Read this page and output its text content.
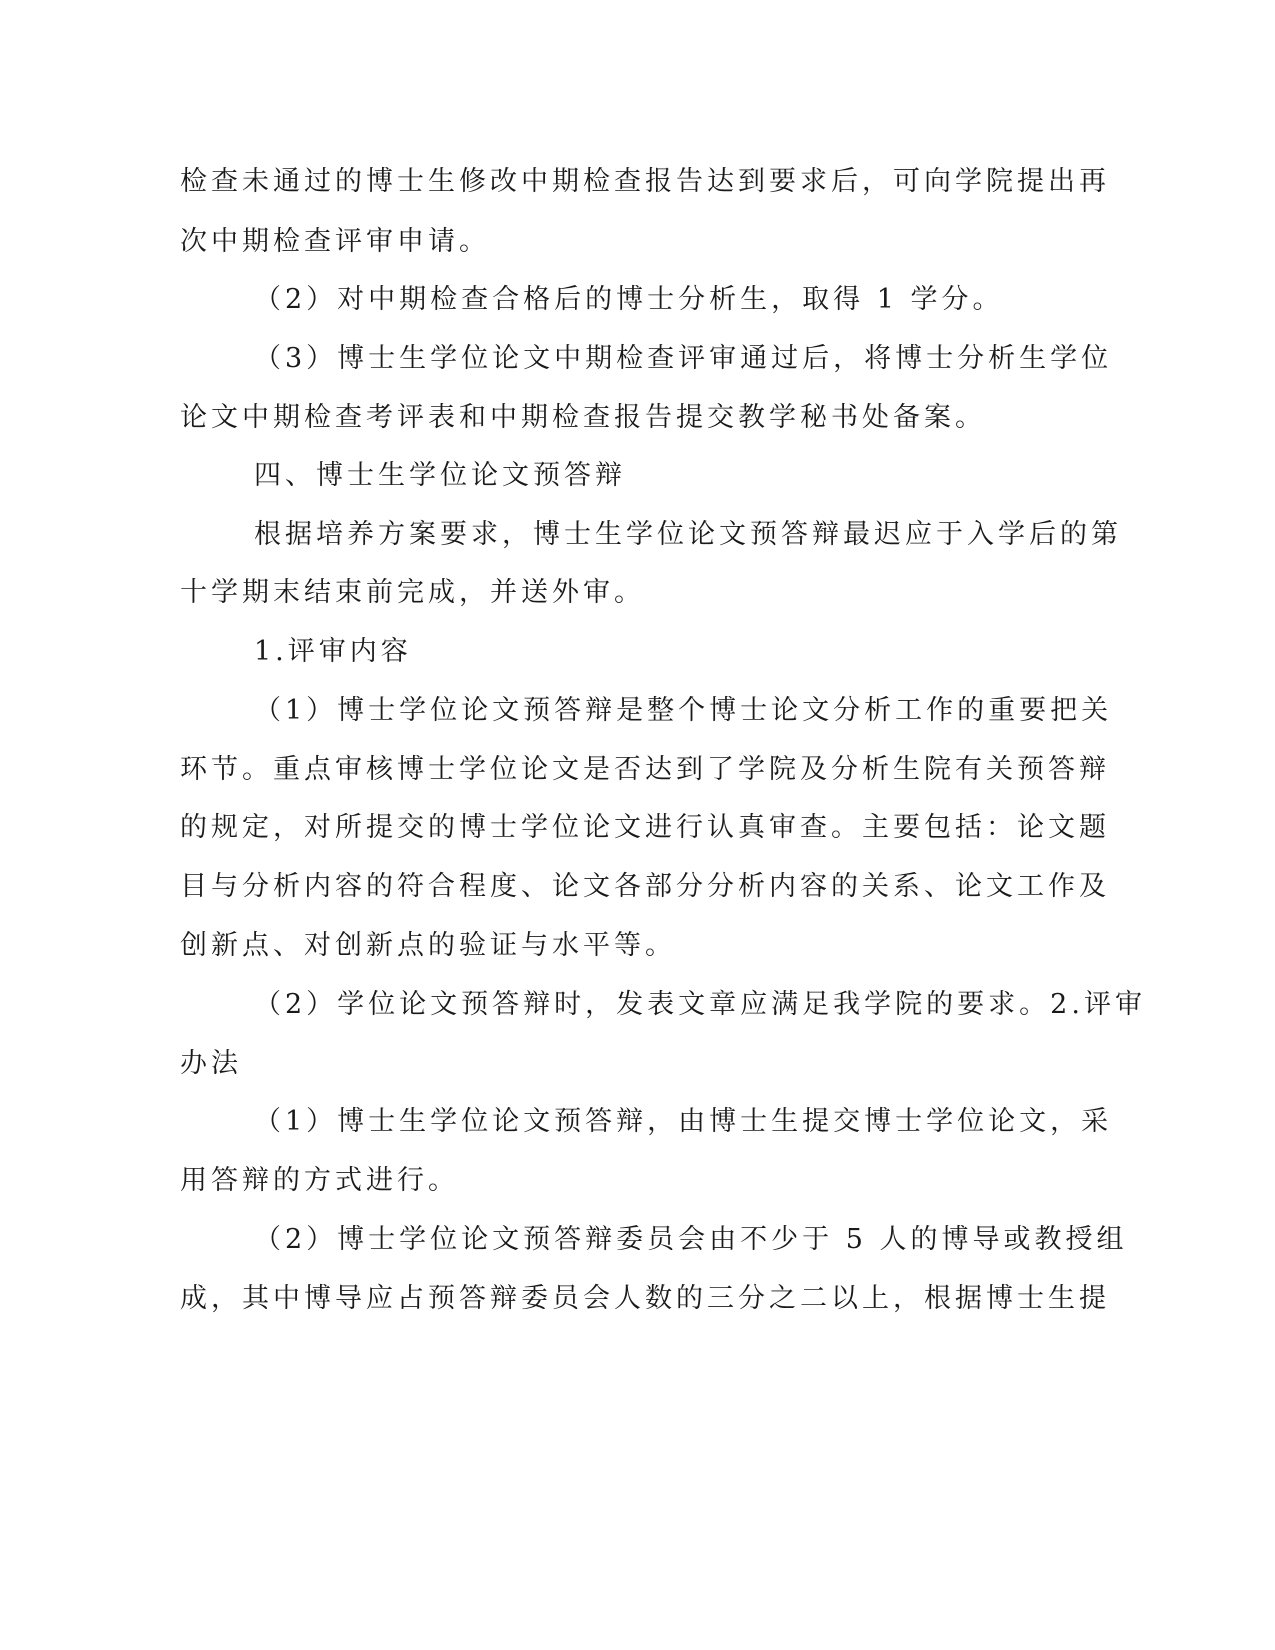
检查未通过的博士生修改中期检查报告达到要求后，可向学院提出再
次中期检查评审申请。
（2）对中期检查合格后的博士分析生，取得 1 学分。
（3）博士生学位论文中期检查评审通过后，将博士分析生学位
论文中期检查考评表和中期检查报告提交教学秘书处备案。
四、博士生学位论文预答辩
根据培养方案要求，博士生学位论文预答辩最迟应于入学后的第
十学期末结束前完成，并送外审。
1.评审内容
（1）博士学位论文预答辩是整个博士论文分析工作的重要把关
环节。重点审核博士学位论文是否达到了学院及分析生院有关预答辩
的规定，对所提交的博士学位论文进行认真审查。主要包括：论文题
目与分析内容的符合程度、论文各部分分析内容的关系、论文工作及
创新点、对创新点的验证与水平等。
（2）学位论文预答辩时，发表文章应满足我学院的要求。2.评审
办法
（1）博士生学位论文预答辩，由博士生提交博士学位论文，采
用答辩的方式进行。
（2）博士学位论文预答辩委员会由不少于 5 人的博导或教授组
成，其中博导应占预答辩委员会人数的三分之二以上，根据博士生提
